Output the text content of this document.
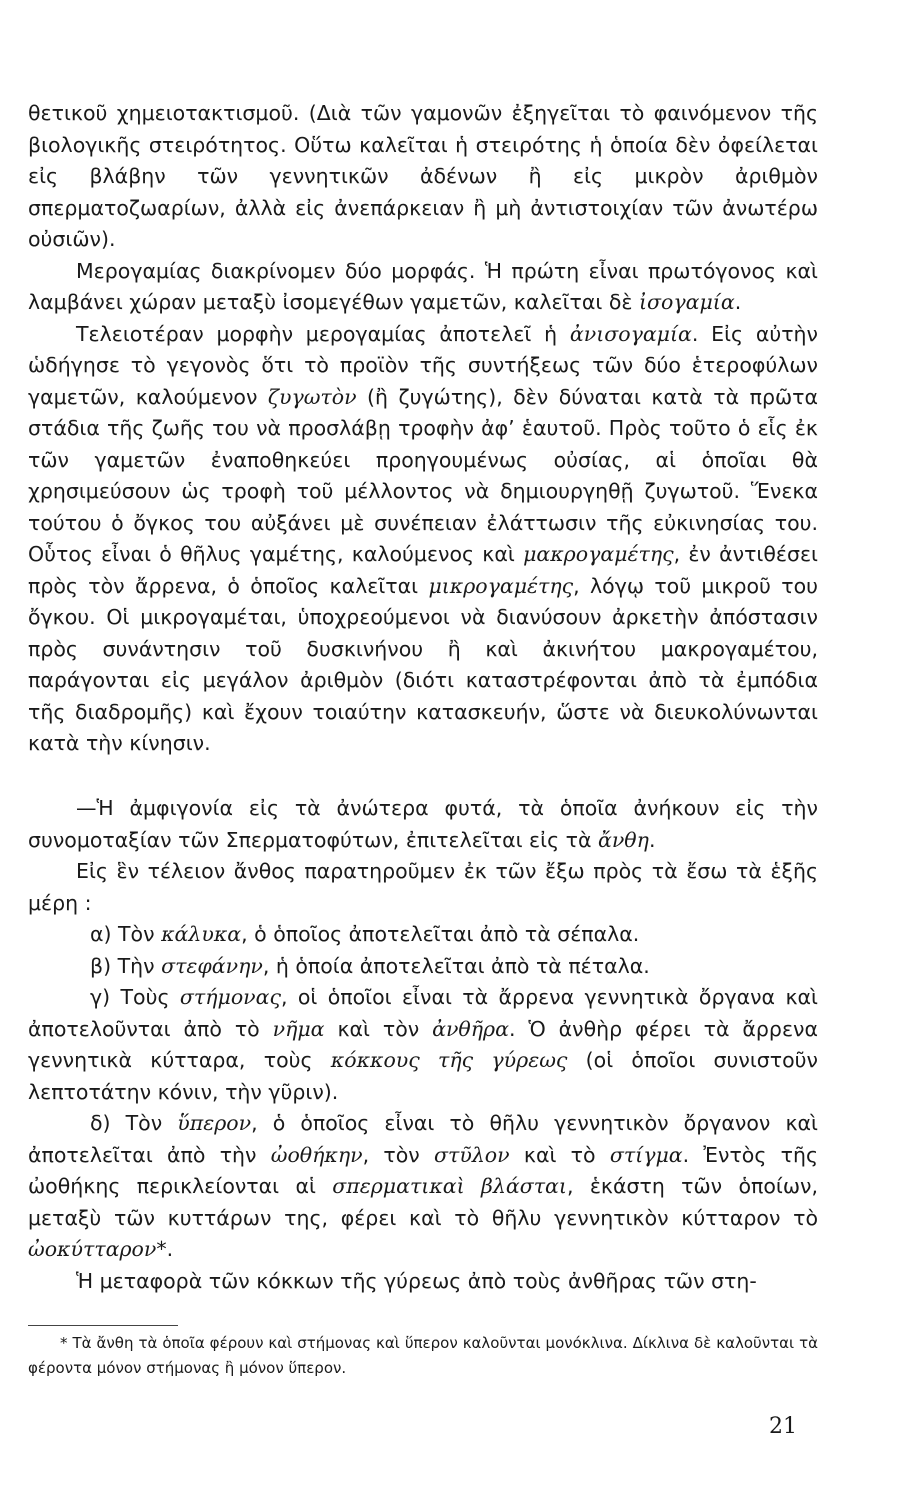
θετικοῦ χημειοτακτισμοῦ. (Διὰ τῶν γαμονῶν ἐξηγεῖται τὸ φαινόμενον τῆς βιολογικῆς στειρότητος. Οὕτω καλεῖται ἡ στειρότης ἡ ὁποία δὲν ὀφείλεται εἰς βλάβην τῶν γεννητικῶν ἀδένων ἢ εἰς μικρὸν ἀριθμὸν σπερματοζωαρίων, ἀλλὰ εἰς ἀνεπάρκειαν ἢ μὴ ἀντιστοιχίαν τῶν ἀνωτέρω οὐσιῶν).

Μερογαμίας διακρίνομεν δύο μορφάς. Ἡ πρώτη εἶναι πρωτόγονος καὶ λαμβάνει χώραν μεταξὺ ἰσομεγέθων γαμετῶν, καλεῖται δὲ ἰσογαμία.

Τελειοτέραν μορφὴν μερογαμίας ἀποτελεῖ ἡ ἀνισογαμία. Εἰς αὐτὴν ὡδήγησε τὸ γεγονὸς ὅτι τὸ προϊὸν τῆς συντήξεως τῶν δύο ἑτεροφύλων γαμετῶν, καλούμενον ζυγωτὸν (ἢ ζυγώτης), δὲν δύναται κατὰ τὰ πρῶτα στάδια τῆς ζωῆς του νὰ προσλάβῃ τροφὴν ἀφ’ ἑαυτοῦ. Πρὸς τοῦτο ὁ εἷς ἐκ τῶν γαμετῶν ἐναποθηκεύει προηγουμένως οὐσίας, αἱ ὁποῖαι θὰ χρησιμεύσουν ὡς τροφὴ τοῦ μέλλοντος νὰ δημιουργηθῇ ζυγωτοῦ. Ἕνεκα τούτου ὁ ὄγκος του αὐξάνει μὲ συνέπειαν ἐλάττωσιν τῆς εὐκινησίας του. Οὗτος εἶναι ὁ θῆλυς γαμέτης, καλούμενος καὶ μακρογαμέτης, ἐν ἀντιθέσει πρὸς τὸν ἄρρενα, ὁ ὁποῖος καλεῖται μικρογαμέτης, λόγῳ τοῦ μικροῦ του ὄγκου. Οἱ μικρογαμέται, ὑποχρεούμενοι νὰ διανύσουν ἀρκετὴν ἀπόστασιν πρὸς συνάντησιν τοῦ δυσκινήνου ἢ καὶ ἀκινήτου μακρογαμέτου, παράγονται εἰς μεγάλον ἀριθμὸν (διότι καταστρέφονται ἀπὸ τὰ ἐμπόδια τῆς διαδρομῆς) καὶ ἔχουν τοιαύτην κατασκευήν, ὥστε νὰ διευκολύνωνται κατὰ τὴν κίνησιν.

—Ἡ ἀμφιγονία εἰς τὰ ἀνώτερα φυτά, τὰ ὁποῖα ἀνήκουν εἰς τὴν συνομοταξίαν τῶν Σπερματοφύτων, ἐπιτελεῖται εἰς τὰ ἄνθη.

Εἰς ἓν τέλειον ἄνθος παρατηροῦμεν ἐκ τῶν ἔξω πρὸς τὰ ἔσω τὰ ἑξῆς μέρη :

α) Τὸν κάλυκα, ὁ ὁποῖος ἀποτελεῖται ἀπὸ τὰ σέπαλα.

β) Τὴν στεφάνην, ἡ ὁποία ἀποτελεῖται ἀπὸ τὰ πέταλα.

γ) Τοὺς στήμονας, οἱ ὁποῖοι εἶναι τὰ ἄρρενα γεννητικὰ ὄργανα καὶ ἀποτελοῦνται ἀπὸ τὸ νῆμα καὶ τὸν ἀνθῆρα. Ὁ ἀνθὴρ φέρει τὰ ἄρρενα γεννητικὰ κύτταρα, τοὺς κόκκους τῆς γύρεως (οἱ ὁποῖοι συνιστοῦν λεπτοτάτην κόνιν, τὴν γῦριν).

δ) Τὸν ὕπερον, ὁ ὁποῖος εἶναι τὸ θῆλυ γεννητικὸν ὄργανον καὶ ἀποτελεῖται ἀπὸ τὴν ὠοθήκην, τὸν στῦλον καὶ τὸ στίγμα. Ἐντὸς τῆς ὠοθήκης περικλείονται αἱ σπερματικαὶ βλάσται, ἑκάστη τῶν ὁποίων, μεταξὺ τῶν κυττάρων της, φέρει καὶ τὸ θῆλυ γεννητικὸν κύτταρον τὸ ὠοκύτταρον*.

Ἡ μεταφορὰ τῶν κόκκων τῆς γύρεως ἀπὸ τοὺς ἀνθῆρας τῶν στη-

* Τὰ ἄνθη τὰ ὁποῖα φέρουν καὶ στήμονας καὶ ὕπερον καλοῦνται μονόκλινα. Δίκλινα δὲ καλοῦνται τὰ φέροντα μόνον στήμονας ἢ μόνον ὕπερον.

21
